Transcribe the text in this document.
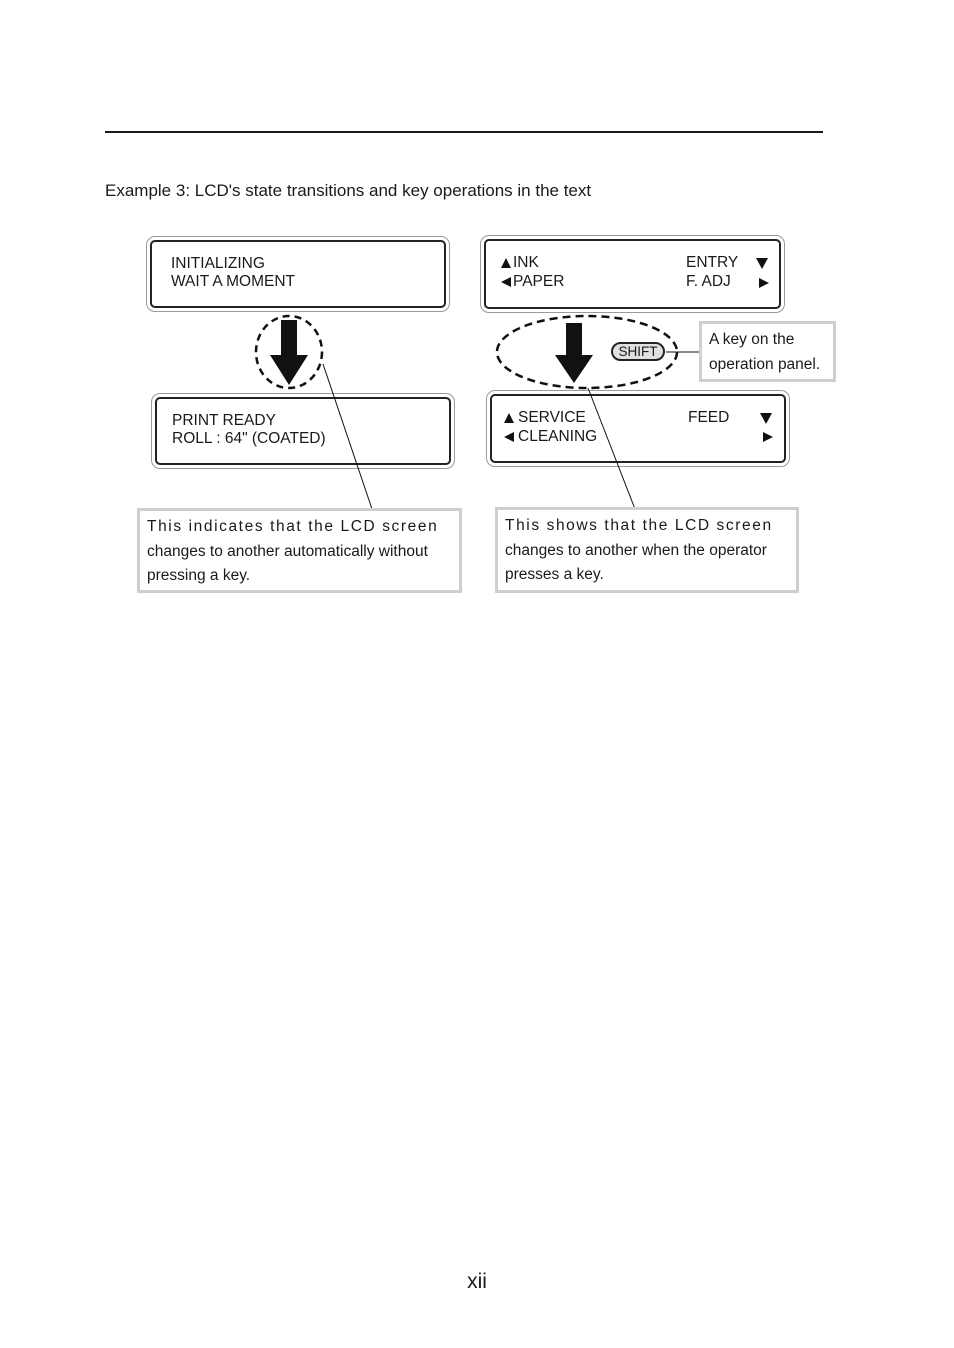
Example 3: LCD's state transitions and key operations in the text
INITIALIZING
WAIT A MOMENT
PRINT READY
ROLL : 64" (COATED)
INK
PAPER
ENTRY
F. ADJ
SERVICE
CLEANING
FEED
SHIFT
A key on the
operation panel.
This indicates that the LCD screen
changes to another automatically without
pressing a key.
This shows that the LCD screen
changes to another when the operator
presses a key.
xii
